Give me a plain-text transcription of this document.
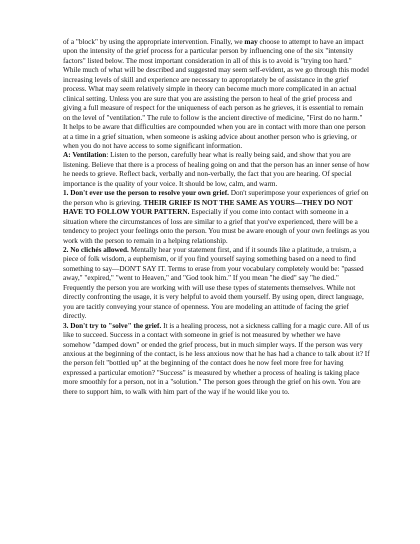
of a "block" by using the appropriate intervention. Finally, we may choose to attempt to have an impact upon the intensity of the grief process for a particular person by influencing one of the six "intensity factors" listed below. The most important consideration in all of this is to avoid is "trying too hard."

While much of what will be described and suggested may seem self-evident, as we go through this model increasing levels of skill and experience are necessary to appropriately be of assistance in the grief process. What may seem relatively simple in theory can become much more complicated in an actual clinical setting. Unless you are sure that you are assisting the person to heal of the grief process and giving a full measure of respect for the uniqueness of each person as he grieves, it is essential to remain on the level of "ventilation." The rule to follow is the ancient directive of medicine, "First do no harm."

It helps to be aware that difficulties are compounded when you are in contact with more than one person at a time in a grief situation, when someone is asking advice about another person who is grieving, or when you do not have access to some significant information.

A: Ventilation: Listen to the person, carefully hear what is really being said, and show that you are listening. Believe that there is a process of healing going on and that the person has an inner sense of how he needs to grieve. Reflect back, verbally and non-verbally, the fact that you are hearing. Of special importance is the quality of your voice. It should be low, calm, and warm.

1. Don't ever use the person to resolve your own grief. Don't superimpose your experiences of grief on the person who is grieving. THEIR GRIEF IS NOT THE SAME AS YOURS—THEY DO NOT HAVE TO FOLLOW YOUR PATTERN. Especially if you come into contact with someone in a situation where the circumstances of loss are similar to a grief that you've experienced, there will be a tendency to project your feelings onto the person. You must be aware enough of your own feelings as you work with the person to remain in a helping relationship.

2. No clichés allowed. Mentally hear your statement first, and if it sounds like a platitude, a truism, a piece of folk wisdom, a euphemism, or if you find yourself saying something based on a need to find something to say—DON'T SAY IT. Terms to erase from your vocabulary completely would be: "passed away," "expired," "went to Heaven," and "God took him." If you mean "he died" say "he died."

Frequently the person you are working with will use these types of statements themselves. While not directly confronting the usage, it is very helpful to avoid them yourself. By using open, direct language, you are tacitly conveying your stance of openness. You are modeling an attitude of facing the grief directly.

3. Don't try to "solve" the grief. It is a healing process, not a sickness calling for a magic cure. All of us like to succeed. Success in a contact with someone in grief is not measured by whether we have somehow "damped down" or ended the grief process, but in much simpler ways. If the person was very anxious at the beginning of the contact, is he less anxious now that he has had a chance to talk about it? If the person felt "bottled up" at the beginning of the contact does he now feel more free for having expressed a particular emotion? "Success" is measured by whether a process of healing is taking place more smoothly for a person, not in a "solution." The person goes through the grief on his own. You are there to support him, to walk with him part of the way if he would like you to.
